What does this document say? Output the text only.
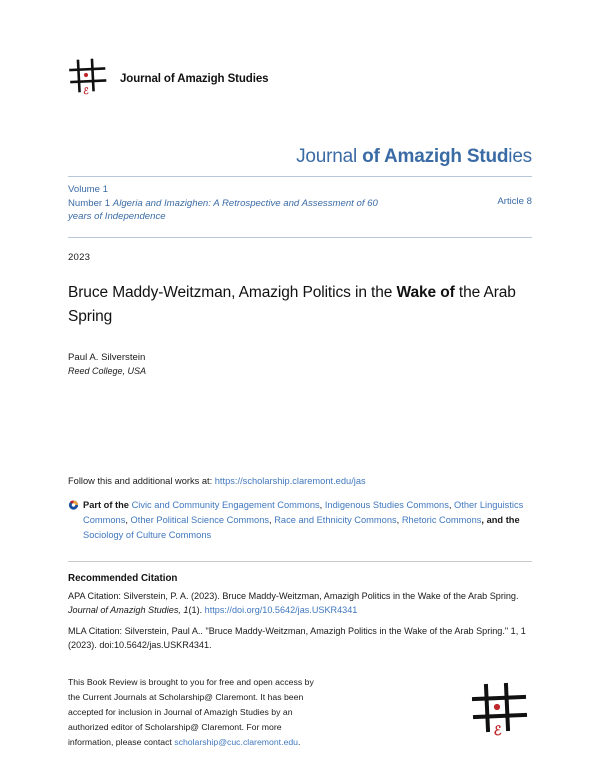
ℰ
Journal of Amazigh Studies
Journal of Amazigh Studies
Volume 1
Number 1 Algeria and Imazighen: A Retrospective and Assessment of 60 years of Independence
Article 8
2023
Bruce Maddy-Weitzman, Amazigh Politics in the Wake of the Arab Spring
Paul A. Silverstein
Reed College, USA
Follow this and additional works at: https://scholarship.claremont.edu/jas
Part of the Civic and Community Engagement Commons, Indigenous Studies Commons, Other Linguistics Commons, Other Political Science Commons, Race and Ethnicity Commons, Rhetoric Commons, and the Sociology of Culture Commons
Recommended Citation
APA Citation: Silverstein, P. A. (2023). Bruce Maddy-Weitzman, Amazigh Politics in the Wake of the Arab Spring. Journal of Amazigh Studies, 1(1). https://doi.org/10.5642/jas.USKR4341
MLA Citation: Silverstein, Paul A.. "Bruce Maddy-Weitzman, Amazigh Politics in the Wake of the Arab Spring." 1, 1 (2023). doi:10.5642/jas.USKR4341.
This Book Review is brought to you for free and open access by the Current Journals at Scholarship@ Claremont. It has been accepted for inclusion in Journal of Amazigh Studies by an authorized editor of Scholarship@ Claremont. For more information, please contact scholarship@cuc.claremont.edu.
ℰ
